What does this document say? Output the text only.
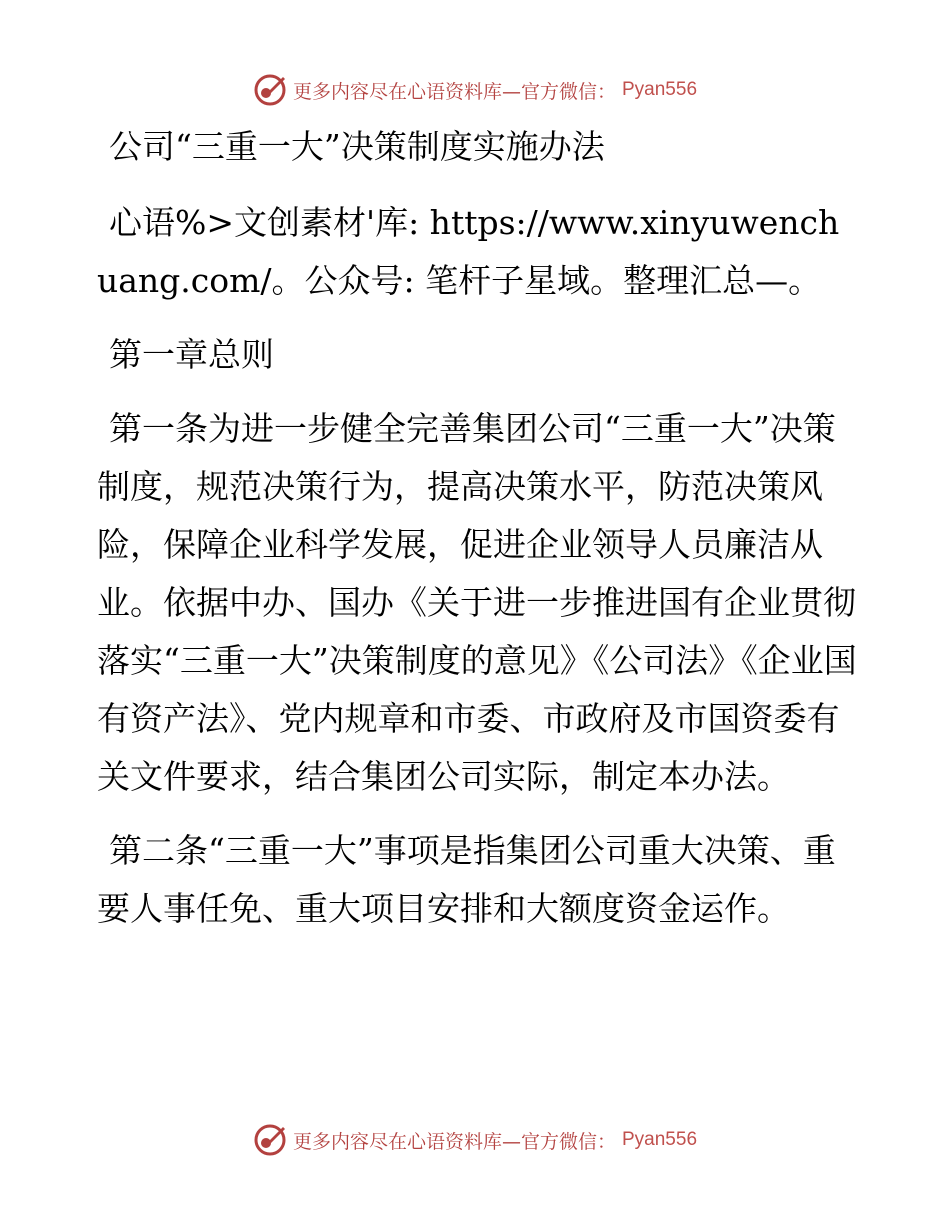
更多内容尽在心语资料库—官方微信： Pyan556

公司“三重一大”决策制度实施办法

心语%>文创素材'库: https://www.xinyuwenchuang.com/。公众号: 笔杆子星域。整理汇总—。

第一章总则

第一条为进一步健全完善集团公司“三重一大”决策制度，规范决策行为，提高决策水平，防范决策风险，保障企业科学发展，促进企业领导人员廉洁从业。依据中办、国办《关于进一步推进国有企业贯彻落实“三重一大”决策制度的意见》《公司法》《企业国有资产法》、党内规章和市委、市政府及市国资委有关文件要求，结合集团公司实际，制定本办法。

第二条“三重一大”事项是指集团公司重大决策、重要人事任免、重大项目安排和大额度资金运作。

更多内容尽在心语资料库—官方微信： Pyan556
